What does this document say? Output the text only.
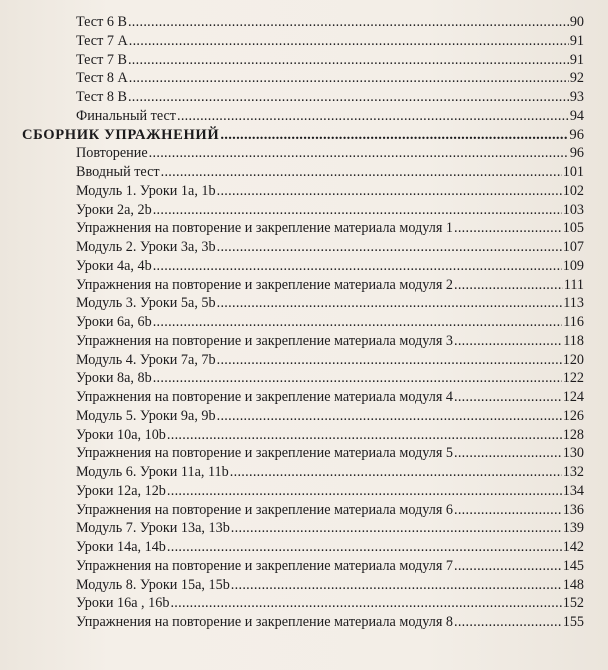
Тест 6 В .....	90
Тест 7 А .....	91
Тест 7 В .....	91
Тест 8 А .....	92
Тест 8 В .....	93
Финальный тест .....	94
СБОРНИК УПРАЖНЕНИЙ .....	96
Повторение .....	96
Вводный тест .....	101
Модуль 1. Уроки 1a, 1b .....	102
Уроки 2a, 2b .....	103
Упражнения на повторение и закрепление материала модуля 1 .....	105
Модуль 2. Уроки 3a, 3b .....	107
Уроки 4a, 4b .....	109
Упражнения на повторение и закрепление материала модуля 2 .....	111
Модуль 3. Уроки 5a, 5b .....	113
Уроки 6a, 6b .....	116
Упражнения на повторение и закрепление материала модуля 3 .....	118
Модуль 4. Уроки 7a, 7b .....	120
Уроки 8a, 8b .....	122
Упражнения на повторение и закрепление материала модуля 4 .....	124
Модуль 5. Уроки 9a, 9b .....	126
Уроки 10a, 10b .....	128
Упражнения на повторение и закрепление материала модуля 5 .....	130
Модуль 6. Уроки 11a, 11b .....	132
Уроки 12a, 12b .....	134
Упражнения на повторение и закрепление материала модуля 6 .....	136
Модуль 7. Уроки 13a, 13b .....	139
Уроки 14a, 14b .....	142
Упражнения на повторение и закрепление материала модуля 7 .....	145
Модуль 8. Уроки 15a, 15b .....	148
Уроки 16a , 16b .....	152
Упражнения на повторение и закрепление материала модуля 8 .....	155
